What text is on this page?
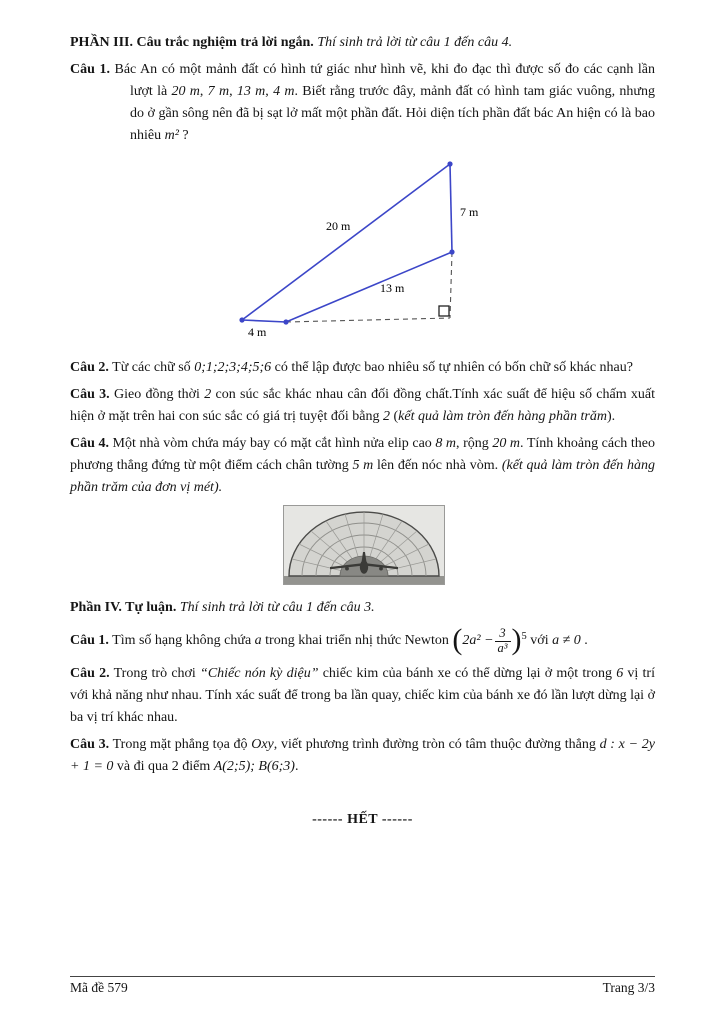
PHẦN III. Câu trắc nghiệm trả lời ngắn. Thí sinh trả lời từ câu 1 đến câu 4.

Câu 1. Bác An có một mảnh đất có hình tứ giác như hình vẽ, khi đo đạc thì được số đo các cạnh lần lượt là 20 m, 7 m, 13 m, 4 m. Biết rằng trước đây, mảnh đất có hình tam giác vuông, nhưng do ở gần sông nên đã bị sạt lở mất một phần đất. Hỏi diện tích phần đất bác An hiện có là bao nhiêu m² ?

20 m
7 m
13 m
4 m

Câu 2. Từ các chữ số 0;1;2;3;4;5;6 có thể lập được bao nhiêu số tự nhiên có bốn chữ số khác nhau?

Câu 3. Gieo đồng thời 2 con súc sắc khác nhau cân đối đồng chất.Tính xác suất để hiệu số chấm xuất hiện ở mặt trên hai con súc sắc có giá trị tuyệt đối bằng 2 (kết quả làm tròn đến hàng phần trăm).

Câu 4. Một nhà vòm chứa máy bay có mặt cắt hình nửa elip cao 8 m, rộng 20 m. Tính khoảng cách theo phương thẳng đứng từ một điểm cách chân tường 5 m lên đến nóc nhà vòm. (kết quả làm tròn đến hàng phần trăm của đơn vị mét).

Phần IV. Tự luận. Thí sinh trả lời từ câu 1 đến câu 3.

Câu 1. Tìm số hạng không chứa a trong khai triển nhị thức Newton ( $2a^2 - \frac{3}{\text{a³}}$ ) 5 với a ≠ 0 .

Câu 2. Trong trò chơi “Chiếc nón kỳ diệu” chiếc kim của bánh xe có thể dừng lại ở một trong 6 vị trí với khả năng như nhau. Tính xác suất để trong ba lần quay, chiếc kim của bánh xe đó lần lượt dừng lại ở ba vị trí khác nhau.

Câu 3. Trong mặt phẳng tọa độ Oxy, viết phương trình đường tròn có tâm thuộc đường thẳng d : x − 2y + 1 = 0 và đi qua 2 điểm A(2;5); B(6;3).

------ HẾT ------

Mã đề 579	Trang 3/3
